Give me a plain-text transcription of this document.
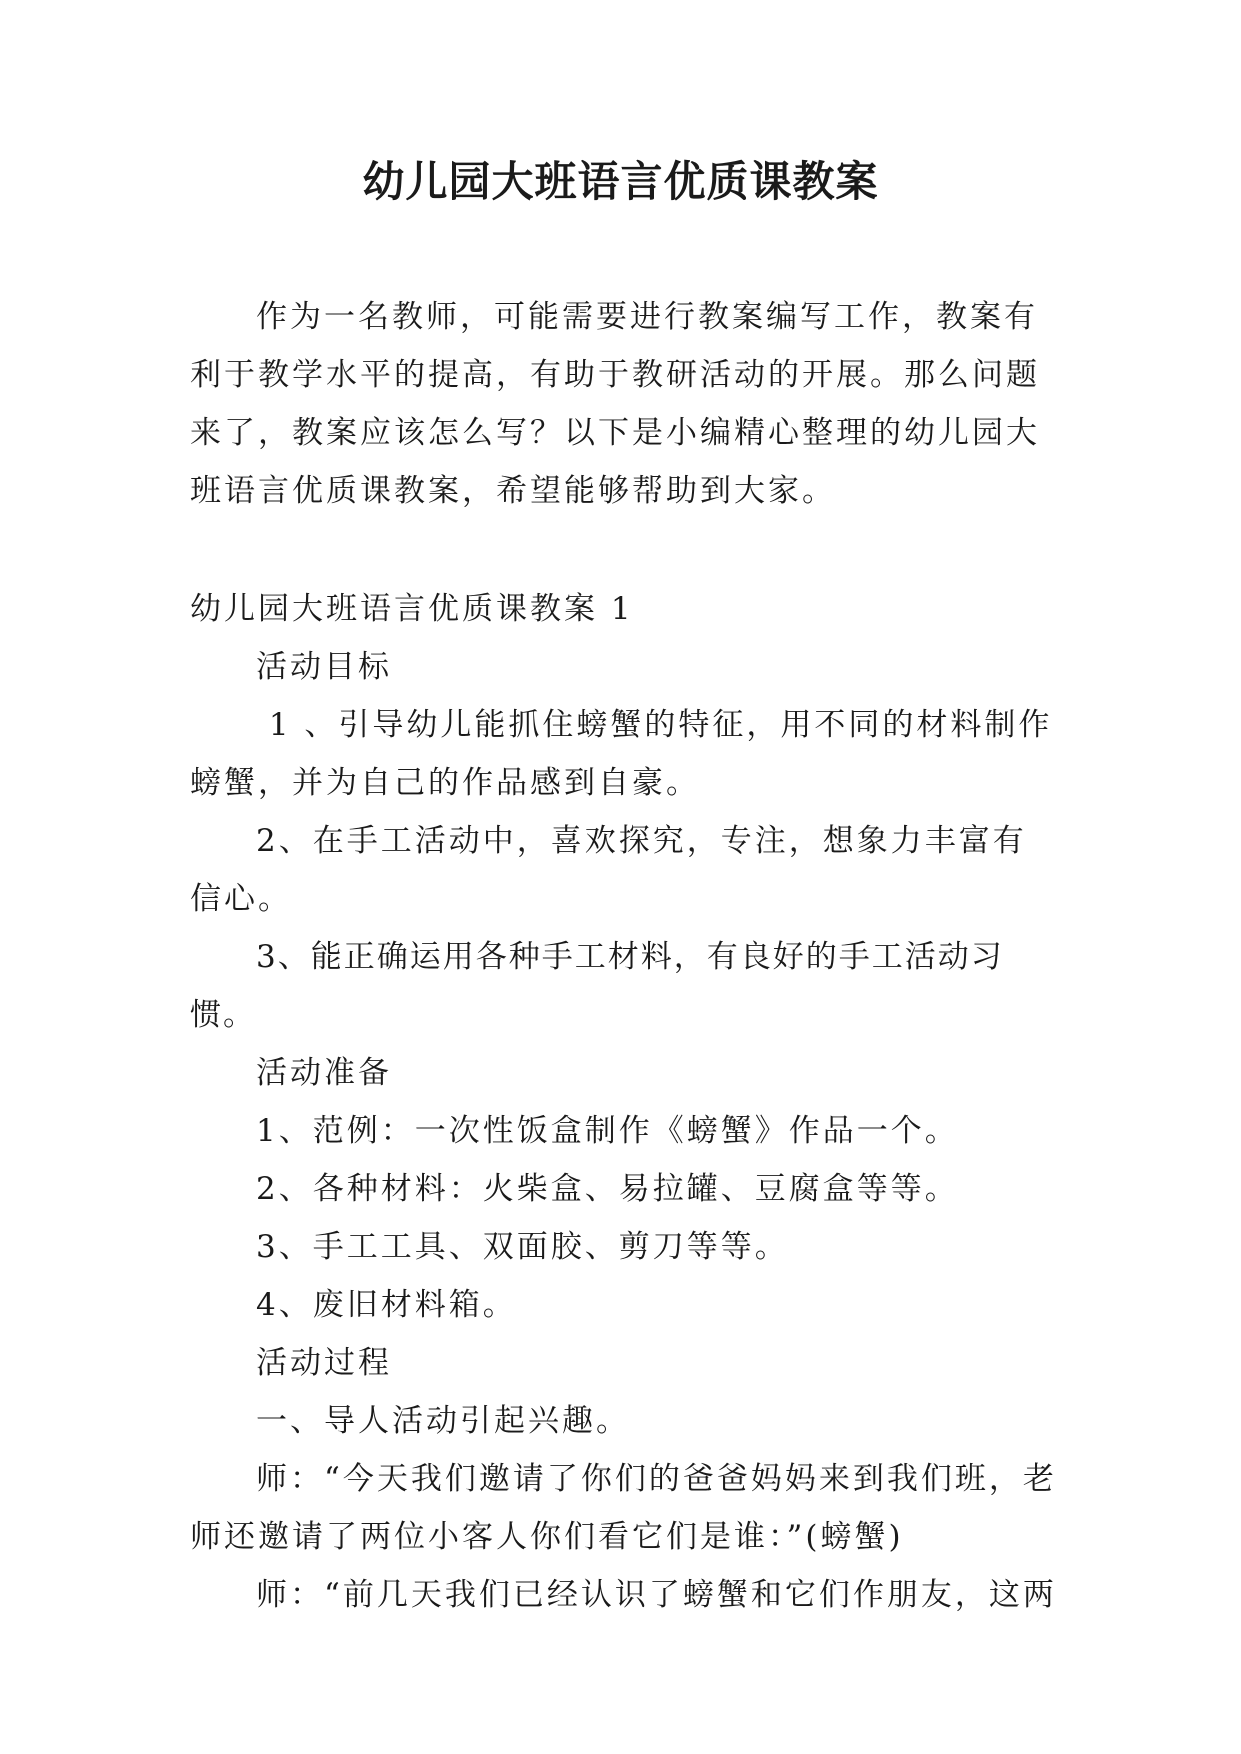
幼儿园大班语言优质课教案

作为一名教师，可能需要进行教案编写工作，教案有利于教学水平的提高，有助于教研活动的开展。那么问题来了，教案应该怎么写？以下是小编精心整理的幼儿园大班语言优质课教案，希望能够帮助到大家。

幼儿园大班语言优质课教案 1

活动目标

1 、引导幼儿能抓住螃蟹的特征，用不同的材料制作螃蟹，并为自己的作品感到自豪。

2、在手工活动中，喜欢探究，专注，想象力丰富有信心。

3、能正确运用各种手工材料，有良好的手工活动习惯。

活动准备

1、范例：一次性饭盒制作《螃蟹》作品一个。

2、各种材料：火柴盒、易拉罐、豆腐盒等等。

3、手工工具、双面胶、剪刀等等。

4、废旧材料箱。

活动过程

一、导人活动引起兴趣。

师：“今天我们邀请了你们的爸爸妈妈来到我们班，老师还邀请了两位小客人你们看它们是谁：”(螃蟹)

师：“前几天我们已经认识了螃蟹和它们作朋友，这两
